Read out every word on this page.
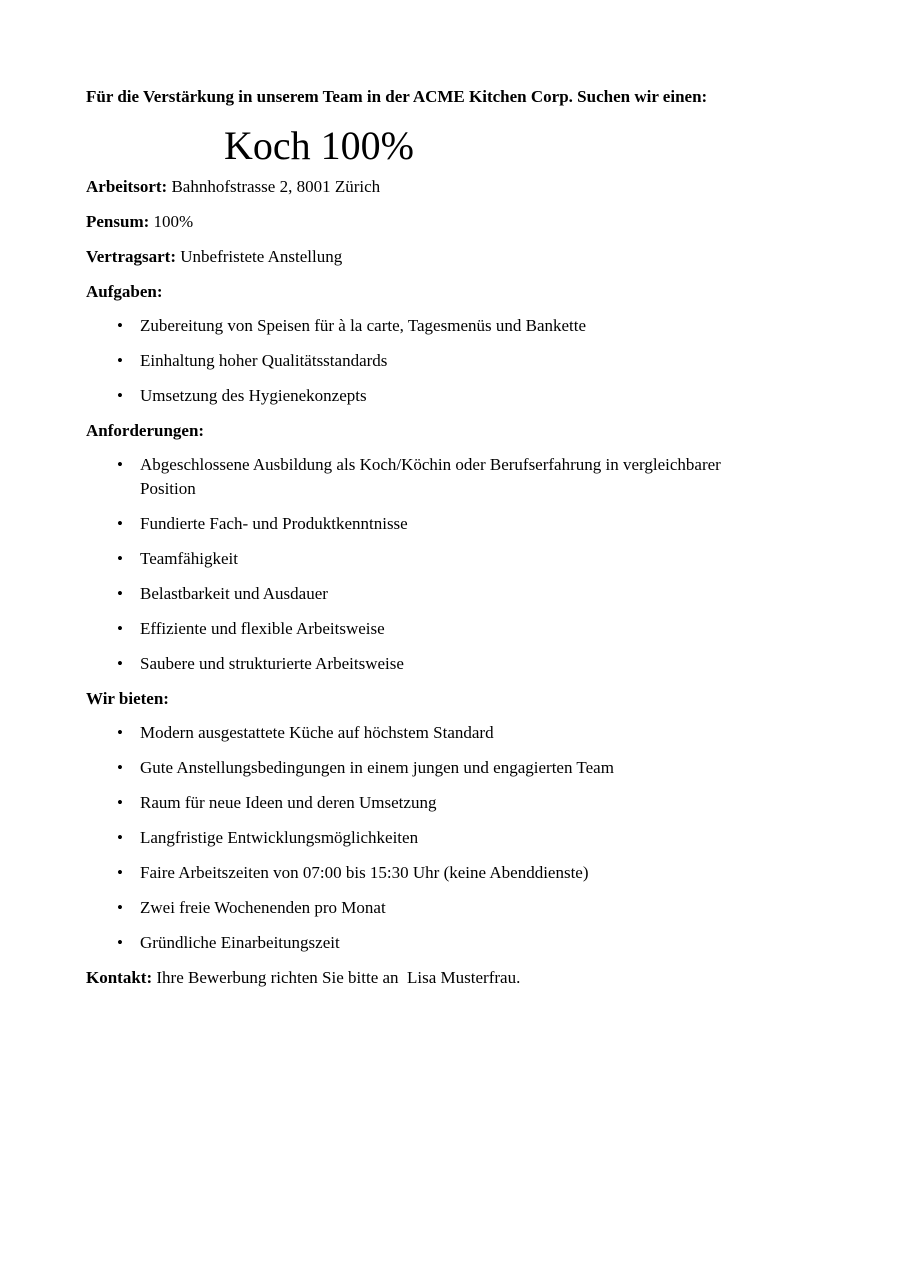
Für die Verstärkung in unserem Team in der ACME Kitchen Corp. Suchen wir einen:

Koch 100%

Arbeitsort: Bahnhofstrasse 2, 8001 Zürich

Pensum: 100%

Vertragsart: Unbefristete Anstellung

Aufgaben:

• Zubereitung von Speisen für à la carte, Tagesmenüs und Bankette
• Einhaltung hoher Qualitätsstandards
• Umsetzung des Hygienekonzepts

Anforderungen:

• Abgeschlossene Ausbildung als Koch/Köchin oder Berufserfahrung in vergleichbarer Position
• Fundierte Fach- und Produktkenntnisse
• Teamfähigkeit
• Belastbarkeit und Ausdauer
• Effiziente und flexible Arbeitsweise
• Saubere und strukturierte Arbeitsweise

Wir bieten:

• Modern ausgestattete Küche auf höchstem Standard
• Gute Anstellungsbedingungen in einem jungen und engagierten Team
• Raum für neue Ideen und deren Umsetzung
• Langfristige Entwicklungsmöglichkeiten
• Faire Arbeitszeiten von 07:00 bis 15:30 Uhr (keine Abenddienste)
• Zwei freie Wochenenden pro Monat
• Gründliche Einarbeitungszeit

Kontakt: Ihre Bewerbung richten Sie bitte an  Lisa Musterfrau.
